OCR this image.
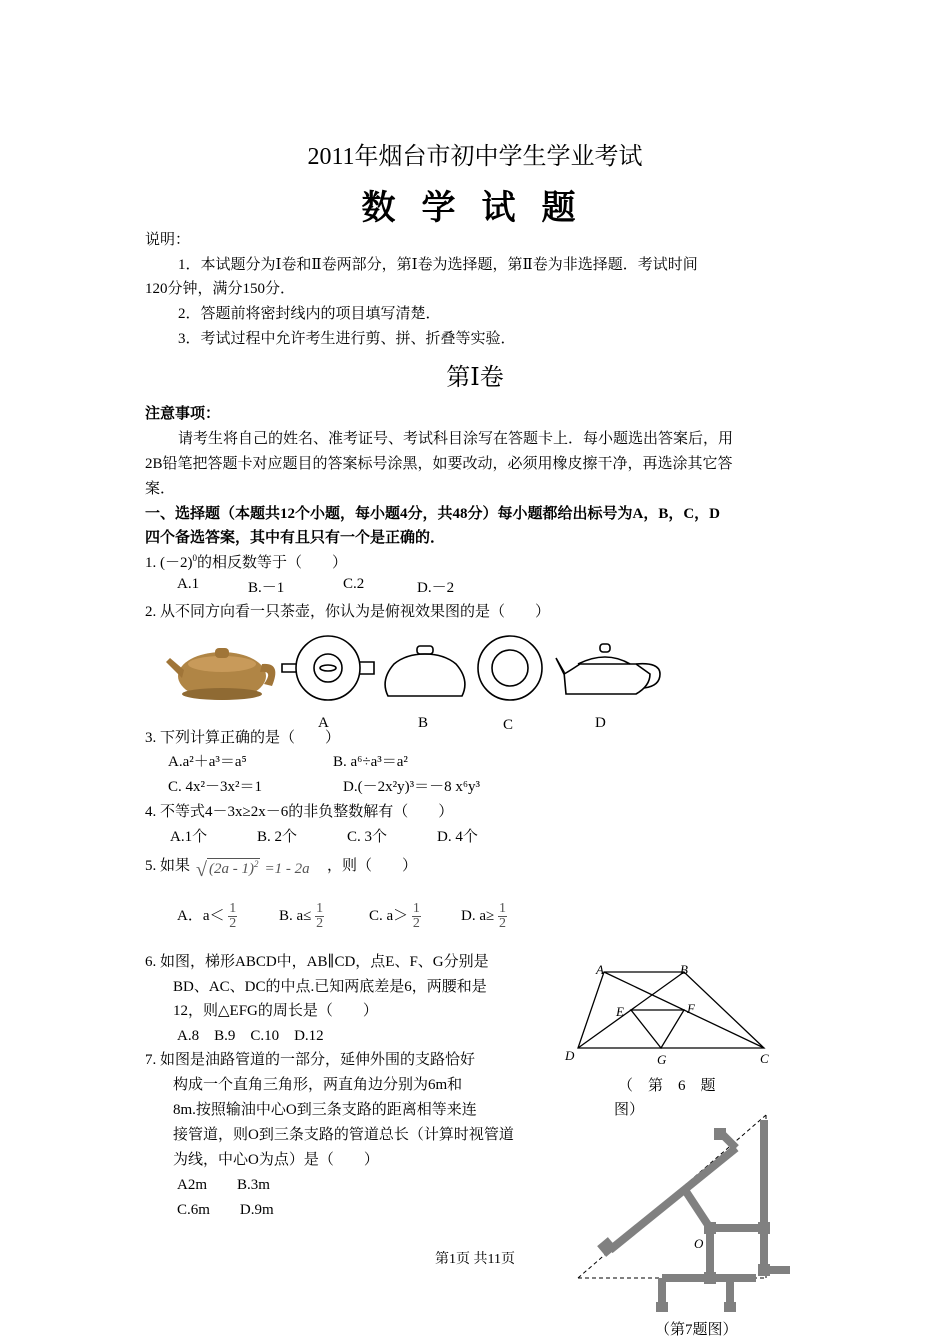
2011年烟台市初中学生学业考试
数学试题
说明：
1．本试题分为Ⅰ卷和Ⅱ卷两部分，第Ⅰ卷为选择题，第Ⅱ卷为非选择题．考试时间
120分钟，满分150分．
2．答题前将密封线内的项目填写清楚．
3．考试过程中允许考生进行剪、拼、折叠等实验．
第Ⅰ卷
注意事项：
请考生将自己的姓名、准考证号、考试科目涂写在答题卡上．每小题选出答案后，用
2B铅笔把答题卡对应题目的答案标号涂黑，如要改动，必须用橡皮擦干净，再选涂其它答
案．
一、选择题（本题共12个小题，每小题4分，共48分）每小题都给出标号为A，B，C，D
四个备选答案，其中有且只有一个是正确的．
1. $(-2)^0$的相反数等于（　　）
A.1	B.－1	C.2	D.－2
2. 从不同方向看一只茶壶，你认为是俯视效果图的是（　　）
A	B	C	D
3. 下列计算正确的是（　　）
A.a²＋a³＝a⁵	B. a⁶÷a³＝a²
C. 4x²－3x²＝1	D.(－2x²y)³＝－8 x⁶y³
4. 不等式4－3x≥2x－6的非负整数解有（　　）
A.1个	B. 2个	C. 3个	D. 4个
5. 如果 √ (2a - 1)$^2$ =1 - 2a ，则（　　）
A．$a< \frac{1}{2}$	B. $a\le \frac{1}{2}$	C. $a> \frac{1}{2}$	D. $a\ge \frac{1}{2}$
6. 如图，梯形ABCD中，AB∥CD，点E、F、G分别是
BD、AC、DC的中点.已知两底差是6，两腰和是
12，则△EFG的周长是（　　）
A.8　B.9　C.10　D.12
A	B
E	F
D	G	C
（　第　6　题
图）
7. 如图是油路管道的一部分，延伸外围的支路恰好
构成一个直角三角形，两直角边分别为6m和
8m.按照输油中心O到三条支路的距离相等来连
接管道，则O到三条支路的管道总长（计算时视管道
为线，中心O为点）是（　　）
A2m　　B.3m
C.6m　　D.9m
O
（第7题图）
第1页 共11页
